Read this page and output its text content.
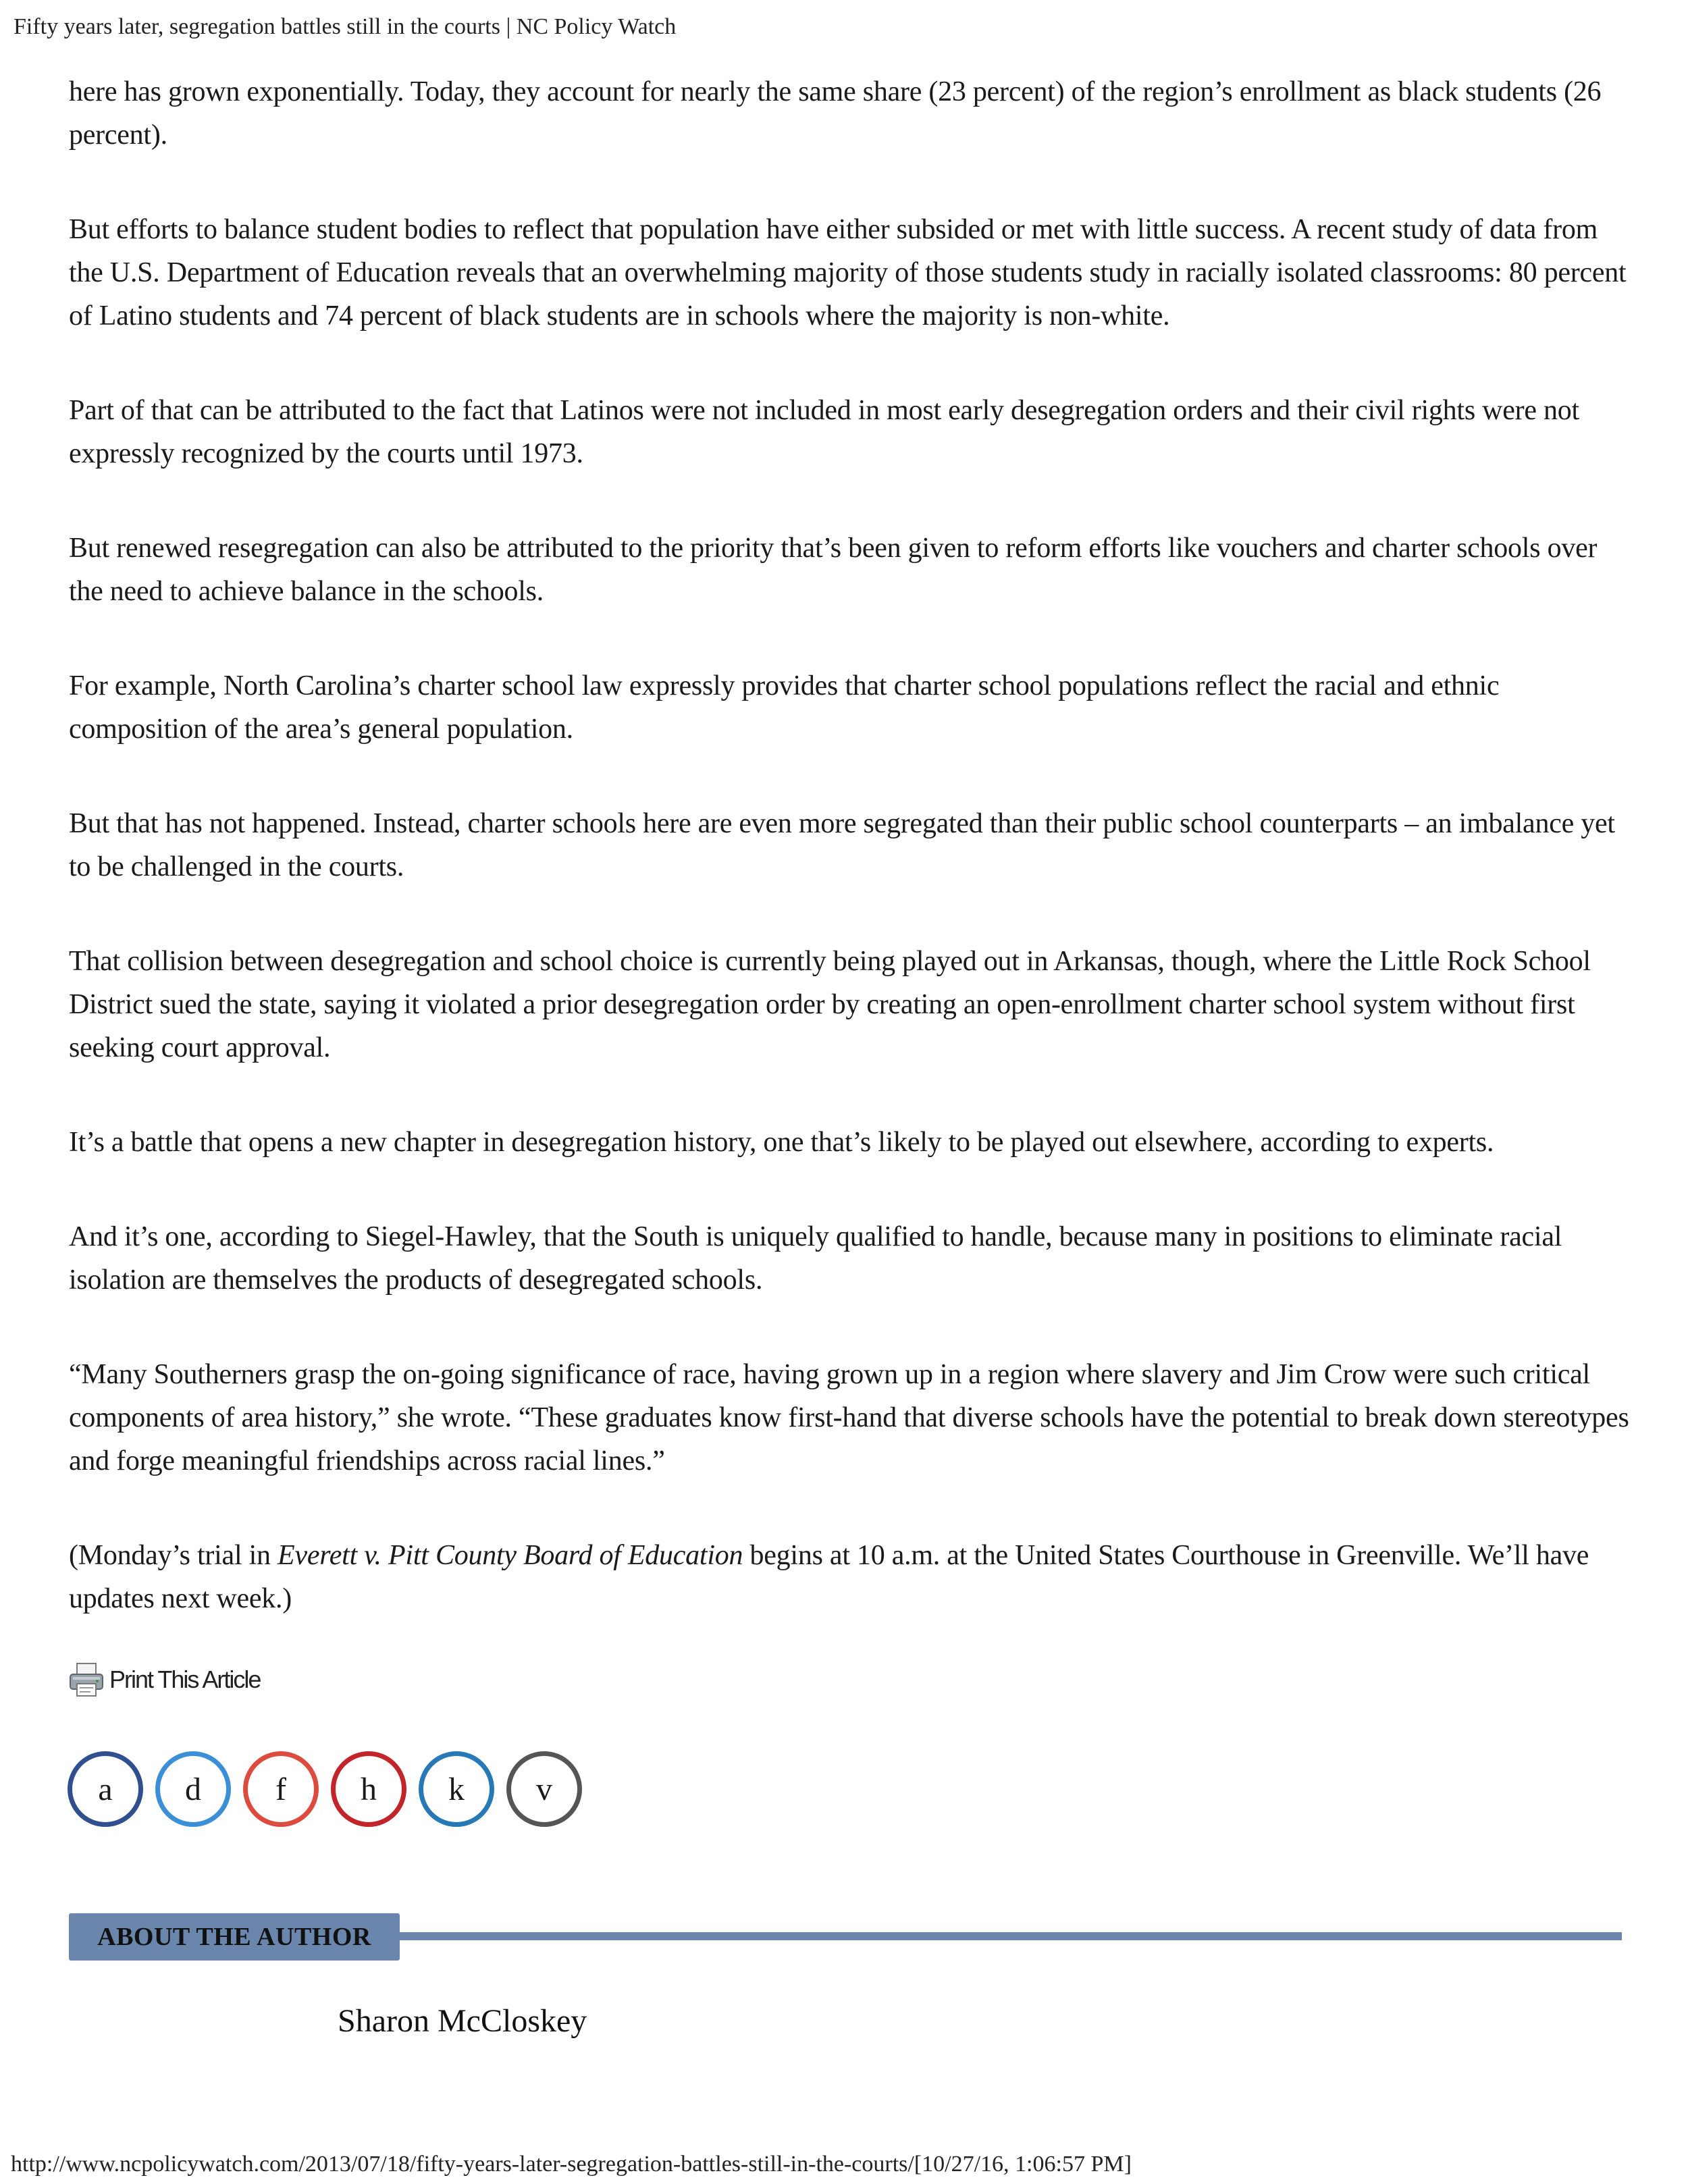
Fifty years later, segregation battles still in the courts | NC Policy Watch

here has grown exponentially. Today, they account for nearly the same share (23 percent) of the region’s enrollment as black students (26 percent).

But efforts to balance student bodies to reflect that population have either subsided or met with little success. A recent study of data from the U.S. Department of Education reveals that an overwhelming majority of those students study in racially isolated classrooms: 80 percent of Latino students and 74 percent of black students are in schools where the majority is non-white.

Part of that can be attributed to the fact that Latinos were not included in most early desegregation orders and their civil rights were not expressly recognized by the courts until 1973.

But renewed resegregation can also be attributed to the priority that’s been given to reform efforts like vouchers and charter schools over the need to achieve balance in the schools.

For example, North Carolina’s charter school law expressly provides that charter school populations reflect the racial and ethnic composition of the area’s general population.

But that has not happened. Instead, charter schools here are even more segregated than their public school counterparts – an imbalance yet to be challenged in the courts.

That collision between desegregation and school choice is currently being played out in Arkansas, though, where the Little Rock School District sued the state, saying it violated a prior desegregation order by creating an open-enrollment charter school system without first seeking court approval.

It’s a battle that opens a new chapter in desegregation history, one that’s likely to be played out elsewhere, according to experts.

And it’s one, according to Siegel-Hawley, that the South is uniquely qualified to handle, because many in positions to eliminate racial isolation are themselves the products of desegregated schools.

“Many Southerners grasp the on-going significance of race, having grown up in a region where slavery and Jim Crow were such critical components of area history,” she wrote. “These graduates know first-hand that diverse schools have the potential to break down stereotypes and forge meaningful friendships across racial lines.”

(Monday’s trial in Everett v. Pitt County Board of Education begins at 10 a.m. at the United States Courthouse in Greenville. We’ll have updates next week.)

Print This Article
a	d	f	h	k	v
ABOUT THE AUTHOR
Sharon McCloskey
http://www.ncpolicywatch.com/2013/07/18/fifty-years-later-segregation-battles-still-in-the-courts/[10/27/16, 1:06:57 PM]
